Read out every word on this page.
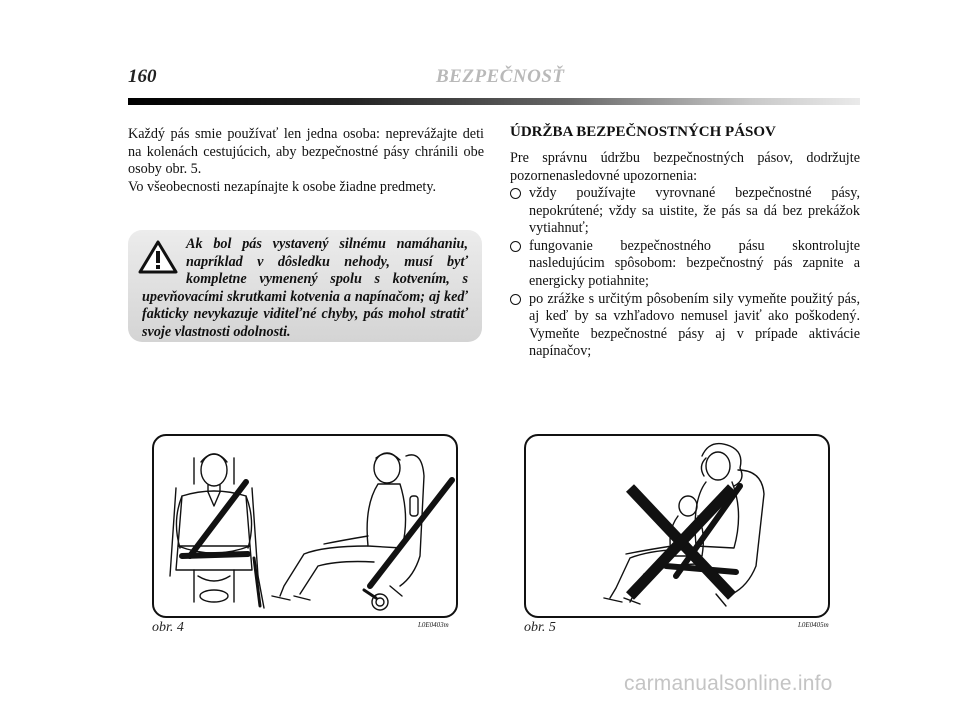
160	BEZPEČNOSŤ

Každý pás smie používať len jedna osoba: neprevážajte deti na kolenách cestujúcich, aby bezpečnostné pásy chránili obe osoby obr. 5.

Vo všeobecnosti nezapínajte k osobe žiadne predmety.

Ak bol pás vystavený silnému namáhaniu, napríklad v dôsledku nehody, musí byť kompletne vymenený spolu s kotvením, s upevňovacími skrutkami kotvenia a napínačom; aj keď fakticky nevykazuje viditeľné chyby, pás mohol stratiť svoje vlastnosti odolnosti.
ÚDRŽBA BEZPEČNOSTNÝCH PÁSOV

Pre správnu údržbu bezpečnostných pásov, dodržujte pozornenasledovné upozornenia:

vždy používajte vyrovnané bezpečnostné pásy, nepokrútené; vždy sa uistite, že pás sa dá bez prekážok vytiahnuť;
fungovanie bezpečnostného pásu skontrolujte nasledujúcim spôsobom: bezpečnostný pás zapnite a energicky potiahnite;
po zrážke s určitým pôsobením sily vymeňte použitý pás, aj keď by sa vzhľadovo nemusel javiť ako poškodený. Vymeňte bezpečnostné pásy aj v prípade aktivácie napínačov;
obr. 4	L0E0403m	obr. 5	L0E0405m
carmanualsonline.info
